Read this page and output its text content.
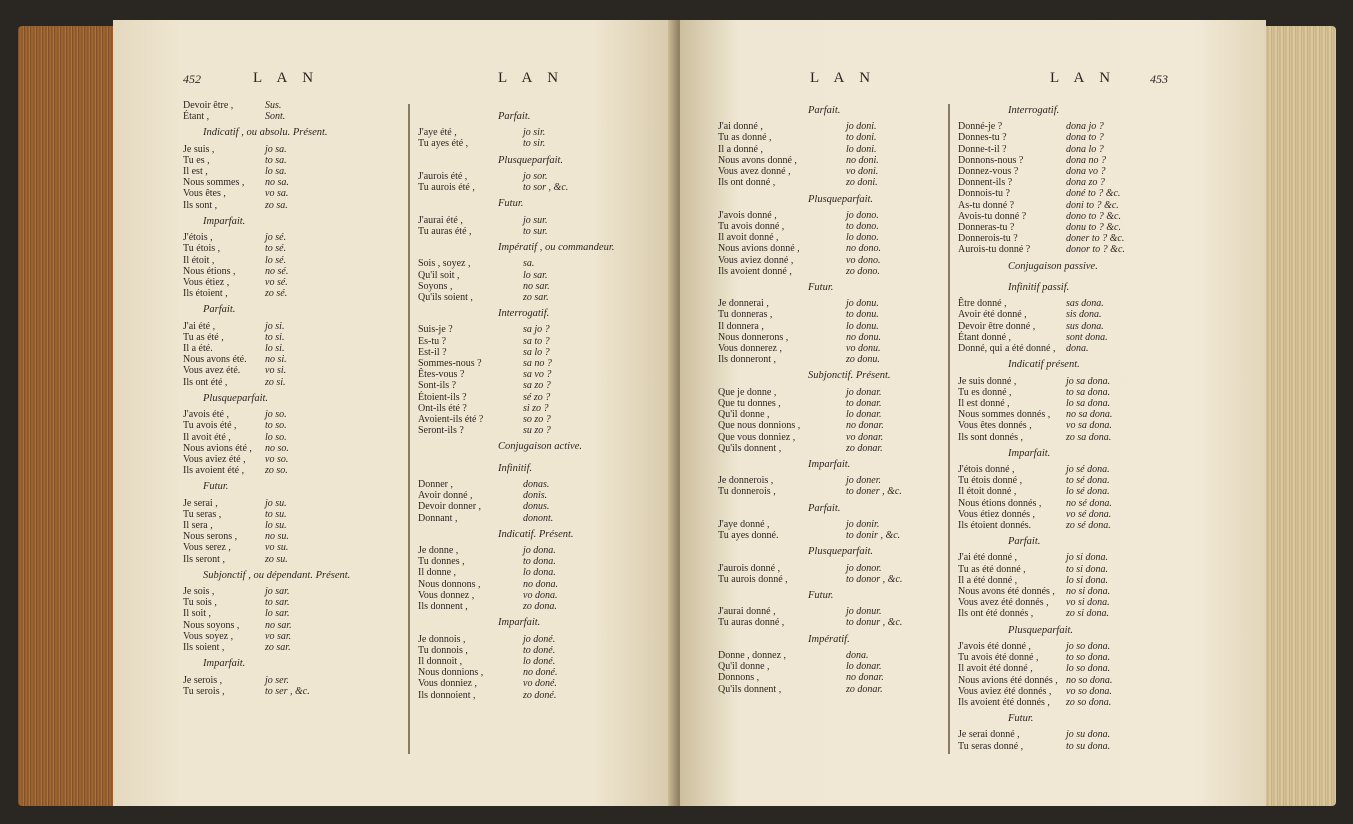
452	L A N	L A N
Devoir être ,	Sus.
Étant ,	Sont.
Indicatif , ou absolu. Présent.
Je suis ,	jo sa.
Tu es ,	to sa.
Il est ,	lo sa.
Nous sommes , no sa.
Vous êtes ,	vo sa.
Ils sont ,	zo sa.
Imparfait.
J'étois ,	jo sé.
Tu étois ,	to sé.
Il étoit ,	lo sé.
Nous étions ,	no sé.
Vous étiez ,	vo sé.
Ils étoient ,	zo sé.
Parfait.
J'ai été ,	jo si.
Tu as été ,	to si.
Il a été.	lo si.
Nous avons été. no si.
Vous avez été. vo si.
Ils ont été ,	zo si.
Plusqueparfait.
J'avois été ,	jo so.
Tu avois été ,	to so.
Il avoit été ,	lo so.
Nous avions été , no so.
Vous aviez été , vo so.
Ils avoient été , zo so.
Futur.
Je serai ,	jo su.
Tu seras ,	to su.
Il sera ,	lo su.
Nous serons ,	no su.
Vous serez ,	vo su.
Ils seront ,	zo su.
Subjonctif , ou dépendant. Présent.
Je sois ,	jo sar.
Tu sois ,	to sar.
Il soit ,	lo sar.
Nous soyons ,	no sar.
Vous soyez ,	vo sar.
Ils soient ,	zo sar.
Imparfait.
Je serois ,	jo ser.
Tu serois ,	to ser , &c.
Parfait.
J'aye été ,	jo sir.
Tu ayes été ,	to sir.
Plusqueparfait.
J'aurois été ,	jo sor.
Tu aurois été ,	to sor , &c.
Futur.
J'aurai été ,	jo sur.
Tu auras été ,	to sur.
Impératif , ou commandeur.
Sois , soyez ,	sa.
Qu'il soit ,	lo sar.
Soyons ,	no sar.
Qu'ils soient ,	zo sar.
Interrogatif.
Suis-je ?	sa jo ?
Es-tu ?	sa to ?
Est-il ?	sa lo ?
Sommes-nous ?	sa no ?
Êtes-vous ?	sa vo ?
Sont-ils ?	sa zo ?
Étoient-ils ?	sé zo ?
Ont-ils été ?	si zo ?
Avoient-ils été ?	so zo ?
Seront-ils ?	su zo ?
Conjugaison active.
Infinitif.
Donner ,	donas.
Avoir donné ,	donis.
Devoir donner ,	donus.
Donnant ,	donont.
Indicatif. Présent.
Je donne ,	jo dona.
Tu donnes ,	to dona.
Il donne ,	lo dona.
Nous donnons ,	no dona.
Vous donnez ,	vo dona.
Ils donnent ,	zo dona.
Imparfait.
Je donnois ,	jo doné.
Tu donnois ,	to doné.
Il donnoit ,	lo doné.
Nous donnions ,	no doné.
Vous donniez ,	vo doné.
Ils donnoient ,	zo doné.
L A N	L A N	453
Parfait.
J'ai donné ,	jo doni.
Tu as donné ,	to doni.
Il a donné ,	lo doni.
Nous avons donné ,	no doni.
Vous avez donné ,	vo doni.
Ils ont donné ,	zo doni.
Plusqueparfait.
J'avois donné ,	jo dono.
Tu avois donné ,	to dono.
Il avoit donné ,	lo dono.
Nous avions donné ,	no dono.
Vous aviez donné ,	vo dono.
Ils avoient donné ,	zo dono.
Futur.
Je donnerai ,	jo donu.
Tu donneras ,	to donu.
Il donnera ,	lo donu.
Nous donnerons ,	no donu.
Vous donnerez ,	vo donu.
Ils donneront ,	zo donu.
Subjonctif. Présent.
Que je donne ,	jo donar.
Que tu donnes ,	to donar.
Qu'il donne ,	lo donar.
Que nous donnions ,	no donar.
Que vous donniez ,	vo donar.
Qu'ils donnent ,	zo donar.
Imparfait.
Je donnerois ,	jo doner.
Tu donnerois ,	to doner , &c.
Parfait.
J'aye donné ,	jo donir.
Tu ayes donné.	to donir , &c.
Plusqueparfait.
J'aurois donné ,	jo donor.
Tu aurois donné ,	to donor , &c.
Futur.
J'aurai donné ,	jo donur.
Tu auras donné ,	to donur , &c.
Impératif.
Donne , donnez ,	dona.
Qu'il donne ,	lo donar.
Donnons ,	no donar.
Qu'ils donnent ,	zo donar.
Interrogatif.
Donné-je ?	dona jo ?
Donnes-tu ?	dona to ?
Donne-t-il ?	dona lo ?
Donnons-nous ?	dona no ?
Donnez-vous ?	dona vo ?
Donnent-ils ?	dona zo ?
Donnois-tu ?	doné to ? &c.
As-tu donné ?	doni to ? &c.
Avois-tu donné ?	dono to ? &c.
Donneras-tu ?	donu to ? &c.
Donnerois-tu ?	doner to ? &c.
Aurois-tu donné ?	donor to ? &c.
Conjugaison passive.
Infinitif passif.
Être donné ,	sas dona.
Avoir été donné ,	sis dona.
Devoir être donné ,	sus dona.
Étant donné ,	sont dona.
Donné, qui a été donné , dona.
Indicatif présent.
Je suis donné ,	jo sa dona.
Tu es donné ,	to sa dona.
Il est donné ,	lo sa dona.
Nous sommes donnés , no sa dona.
Vous êtes donnés ,	vo sa dona.
Ils sont donnés ,	zo sa dona.
Imparfait.
J'étois donné ,	jo sé dona.
Tu étois donné ,	to sé dona.
Il étoit donné ,	lo sé dona.
Nous étions donnés , no sé dona.
Vous étiez donnés ,	vo sé dona.
Ils étoient donnés.	zo sé dona.
Parfait.
J'ai été donné ,	jo si dona.
Tu as été donné ,	to si dona.
Il a été donné ,	lo si dona.
Nous avons été donnés , no si dona.
Vous avez été donnés , vo si dona.
Ils ont été donnés ,	zo si dona.
Plusqueparfait.
J'avois été donné ,	jo so dona.
Tu avois été donné ,	to so dona.
Il avoit été donné ,	lo so dona.
Nous avions été donnés , no so dona.
Vous aviez été donnés , vo so dona.
Ils avoient été donnés , zo so dona.
Futur.
Je serai donné ,	jo su dona.
Tu seras donné ,	to su dona.
